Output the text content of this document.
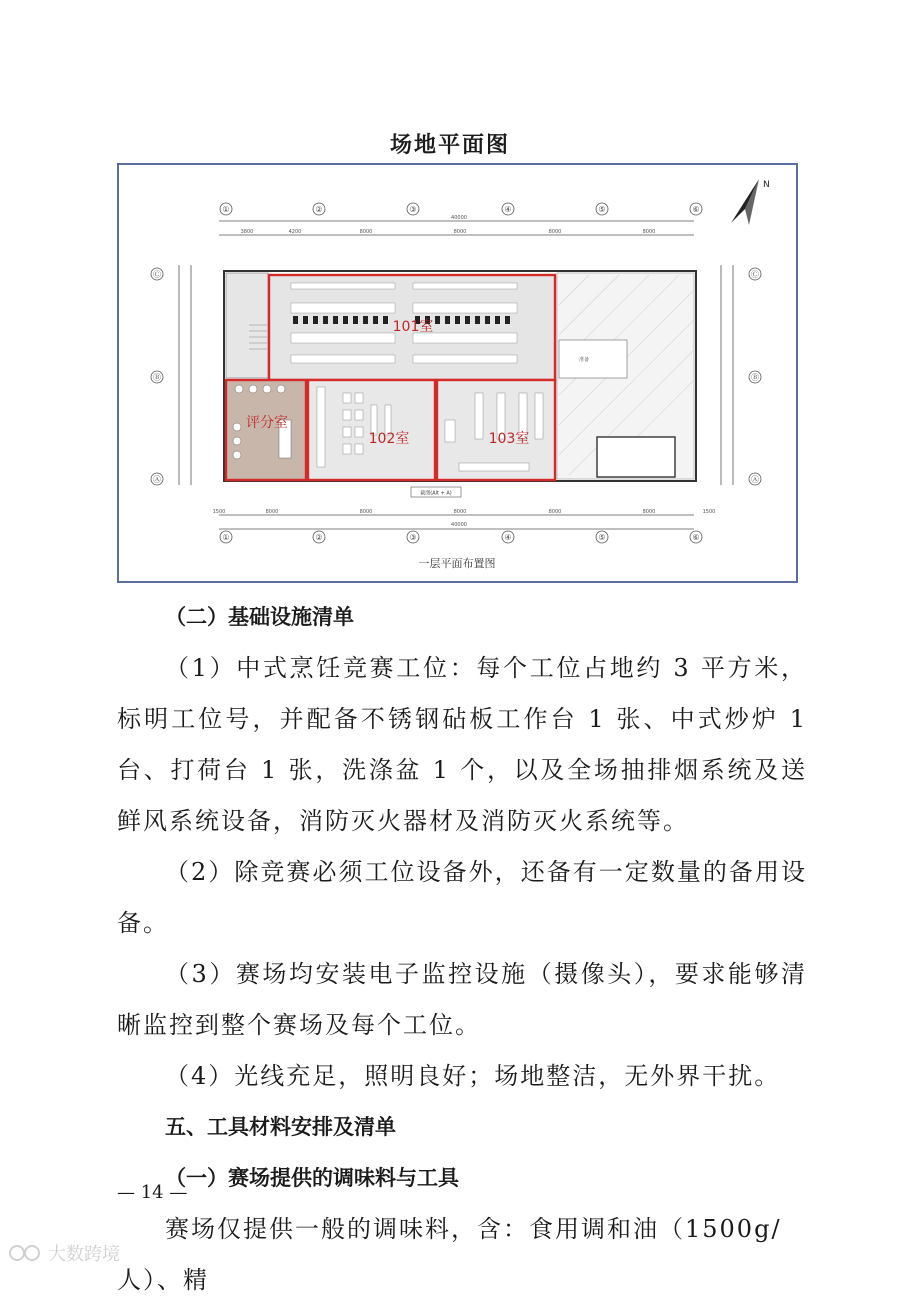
场地平面图
①	②	③	④	⑤	⑥
①	②	③	④	⑤	⑥
Ⓒ
Ⓑ
Ⓐ
Ⓒ
Ⓑ
Ⓐ
40000
3800	4200	8000	8000	8000	8000
1500	8000	8000	8000	8000	8000	1500
40000
准备
101室
102室	103室
评分室
截图(Alt + A)
N
一层平面布置图
（二）基础设施清单
（1）中式烹饪竞赛工位：每个工位占地约 3 平方米，标明工位号，并配备不锈钢砧板工作台 1 张、中式炒炉 1 台、打荷台 1 张，洗涤盆 1 个，以及全场抽排烟系统及送鲜风系统设备，消防灭火器材及消防灭火系统等。
（2）除竞赛必须工位设备外，还备有一定数量的备用设备。
（3）赛场均安装电子监控设施（摄像头），要求能够清晰监控到整个赛场及每个工位。
（4）光线充足，照明良好；场地整洁，无外界干扰。
五、工具材料安排及清单
（一）赛场提供的调味料与工具
赛场仅提供一般的调味料，含：食用调和油（1500g/人）、精
— 14 —
大数跨境
